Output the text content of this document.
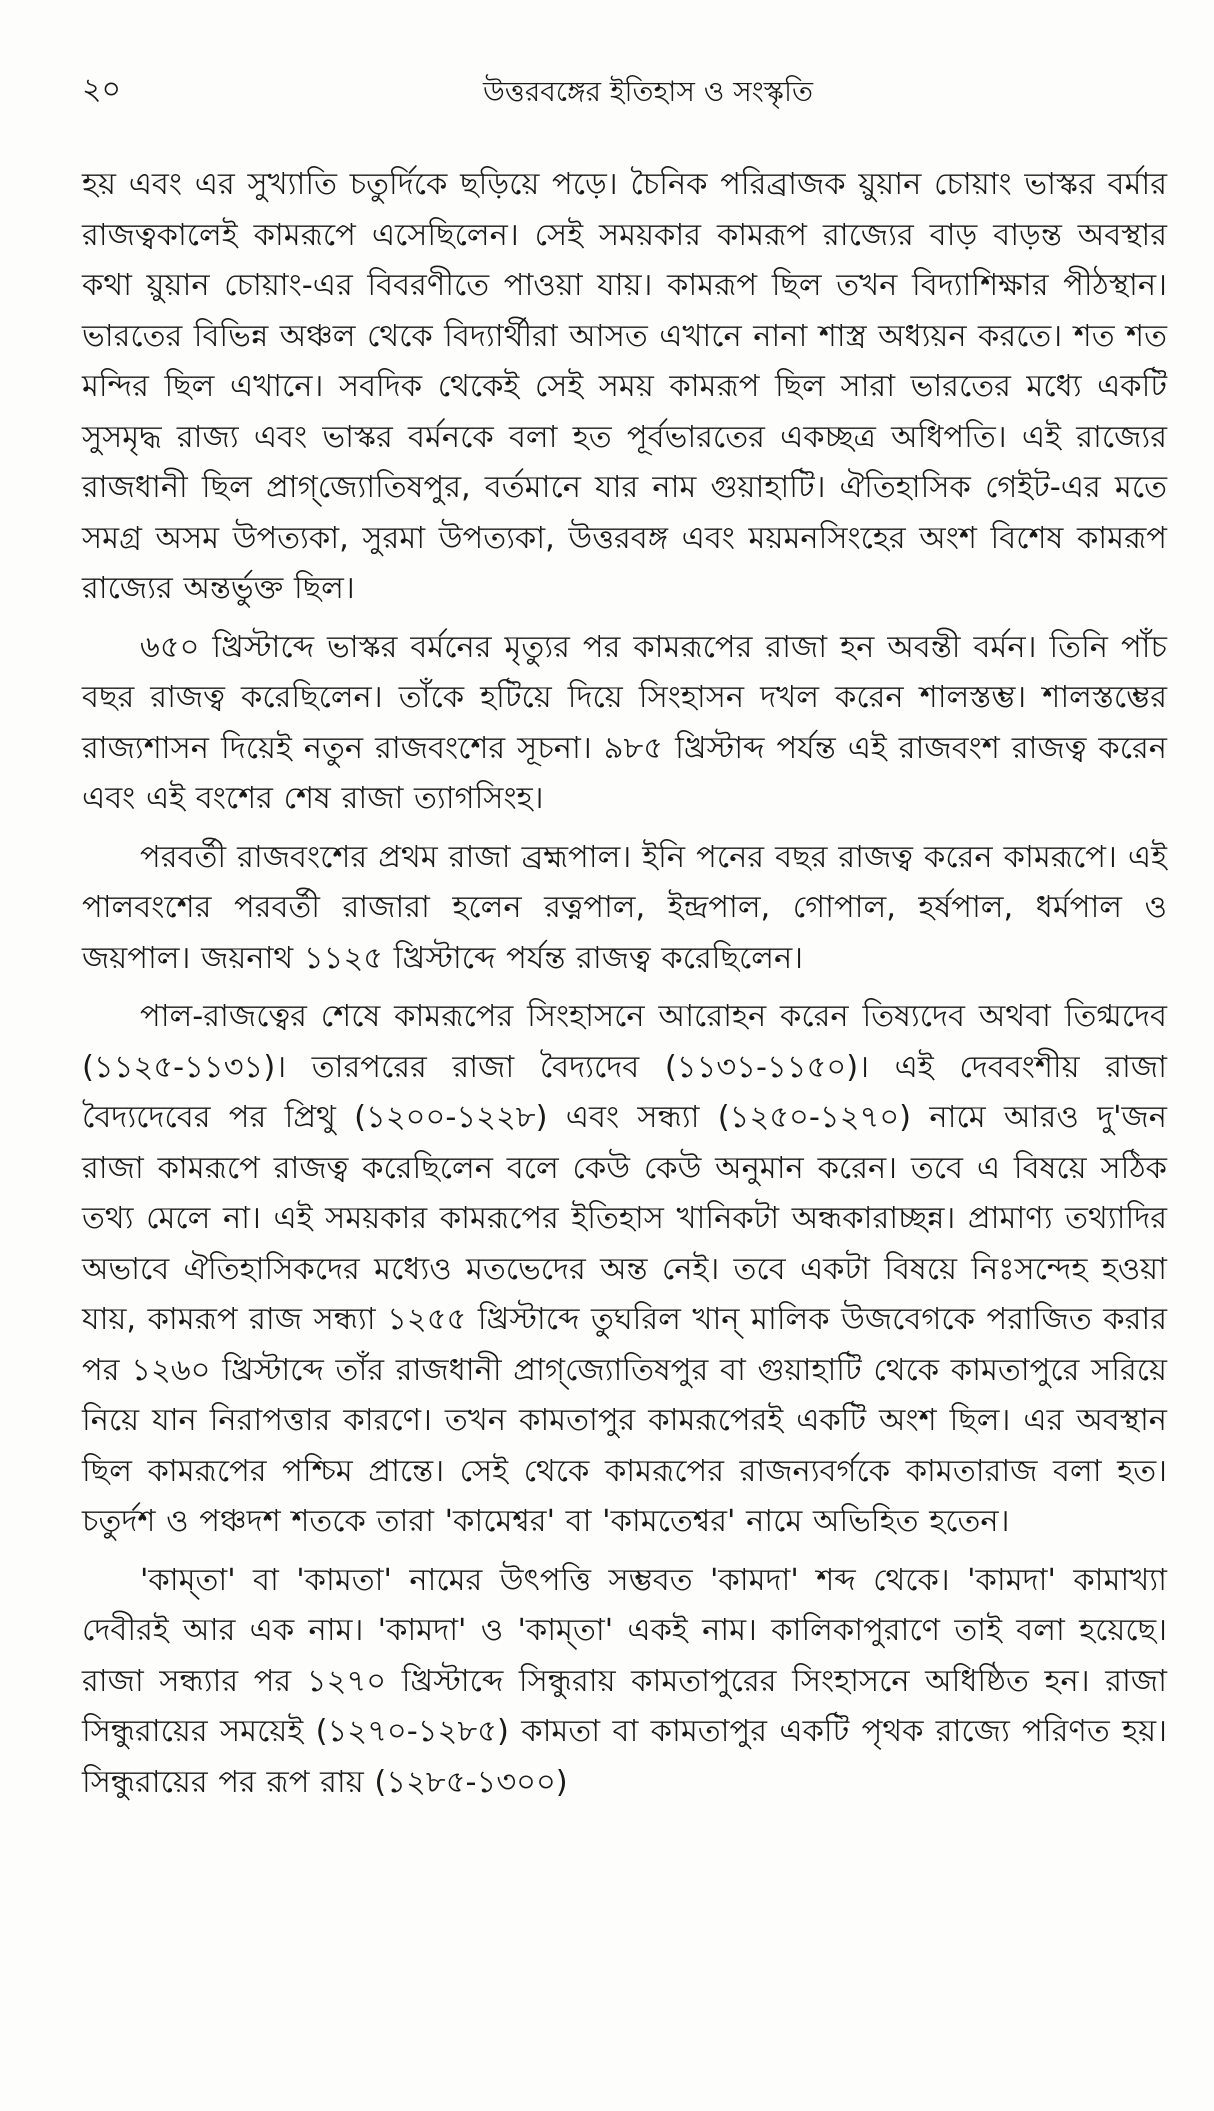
২০	উত্তরবঙ্গের ইতিহাস ও সংস্কৃতি

হয় এবং এর সুখ্যাতি চতুর্দিকে ছড়িয়ে পড়ে। চৈনিক পরিব্রাজক য়ুয়ান চোয়াং ভাস্কর বর্মার রাজত্বকালেই কামরূপে এসেছিলেন। সেই সময়কার কামরূপ রাজ্যের বাড় বাড়ন্ত অবস্থার কথা য়ুয়ান চোয়াং-এর বিবরণীতে পাওয়া যায়। কামরূপ ছিল তখন বিদ্যাশিক্ষার পীঠস্থান। ভারতের বিভিন্ন অঞ্চল থেকে বিদ্যার্থীরা আসত এখানে নানা শাস্ত্র অধ্যয়ন করতে। শত শত মন্দির ছিল এখানে। সবদিক থেকেই সেই সময় কামরূপ ছিল সারা ভারতের মধ্যে একটি সুসমৃদ্ধ রাজ্য এবং ভাস্কর বর্মনকে বলা হত পূর্বভারতের একচ্ছত্র অধিপতি। এই রাজ্যের রাজধানী ছিল প্রাগ্‌জ্যোতিষপুর, বর্তমানে যার নাম গুয়াহাটি। ঐতিহাসিক গেইট-এর মতে সমগ্র অসম উপত্যকা, সুরমা উপত্যকা, উত্তরবঙ্গ এবং ময়মনসিংহের অংশ বিশেষ কামরূপ রাজ্যের অন্তর্ভুক্ত ছিল।

৬৫০ খ্রিস্টাব্দে ভাস্কর বর্মনের মৃত্যুর পর কামরূপের রাজা হন অবন্তী বর্মন। তিনি পাঁচ বছর রাজত্ব করেছিলেন। তাঁকে হটিয়ে দিয়ে সিংহাসন দখল করেন শালস্তম্ভ। শালস্তম্ভের রাজ্যশাসন দিয়েই নতুন রাজবংশের সূচনা। ৯৮৫ খ্রিস্টাব্দ পর্যন্ত এই রাজবংশ রাজত্ব করেন এবং এই বংশের শেষ রাজা ত্যাগসিংহ।

পরবর্তী রাজবংশের প্রথম রাজা ব্রহ্মপাল। ইনি পনের বছর রাজত্ব করেন কামরূপে। এই পালবংশের পরবর্তী রাজারা হলেন রত্নপাল, ইন্দ্রপাল, গোপাল, হর্ষপাল, ধর্মপাল ও জয়পাল। জয়নাথ ১১২৫ খ্রিস্টাব্দে পর্যন্ত রাজত্ব করেছিলেন।

পাল-রাজত্বের শেষে কামরূপের সিংহাসনে আরোহন করেন তিষ্যদেব অথবা তিগ্মদেব (১১২৫-১১৩১)। তারপরের রাজা বৈদ্যদেব (১১৩১-১১৫০)। এই দেববংশীয় রাজা বৈদ্যদেবের পর প্রিথু (১২০০-১২২৮) এবং সন্ধ্যা (১২৫০-১২৭০) নামে আরও দু'জন রাজা কামরূপে রাজত্ব করেছিলেন বলে কেউ কেউ অনুমান করেন। তবে এ বিষয়ে সঠিক তথ্য মেলে না। এই সময়কার কামরূপের ইতিহাস খানিকটা অন্ধকারাচ্ছন্ন। প্রামাণ্য তথ্যাদির অভাবে ঐতিহাসিকদের মধ্যেও মতভেদের অন্ত নেই। তবে একটা বিষয়ে নিঃসন্দেহ হওয়া যায়, কামরূপ রাজ সন্ধ্যা ১২৫৫ খ্রিস্টাব্দে তুঘরিল খান্‌ মালিক উজবেগকে পরাজিত করার পর ১২৬০ খ্রিস্টাব্দে তাঁর রাজধানী প্রাগ্‌জ্যোতিষপুর বা গুয়াহাটি থেকে কামতাপুরে সরিয়ে নিয়ে যান নিরাপত্তার কারণে। তখন কামতাপুর কামরূপেরই একটি অংশ ছিল। এর অবস্থান ছিল কামরূপের পশ্চিম প্রান্তে। সেই থেকে কামরূপের রাজন্যবর্গকে কামতারাজ বলা হত। চতুর্দশ ও পঞ্চদশ শতকে তারা 'কামেশ্বর' বা 'কামতেশ্বর' নামে অভিহিত হতেন।

'কাম্‌তা' বা 'কামতা' নামের উৎপত্তি সম্ভবত 'কামদা' শব্দ থেকে। 'কামদা' কামাখ্যা দেবীরই আর এক নাম। 'কামদা' ও 'কাম্‌তা' একই নাম। কালিকাপুরাণে তাই বলা হয়েছে। রাজা সন্ধ্যার পর ১২৭০ খ্রিস্টাব্দে সিন্ধুরায় কামতাপুরের সিংহাসনে অধিষ্ঠিত হন। রাজা সিন্ধুরায়ের সময়েই (১২৭০-১২৮৫) কামতা বা কামতাপুর একটি পৃথক রাজ্যে পরিণত হয়। সিন্ধুরায়ের পর রূপ রায় (১২৮৫-১৩০০)
